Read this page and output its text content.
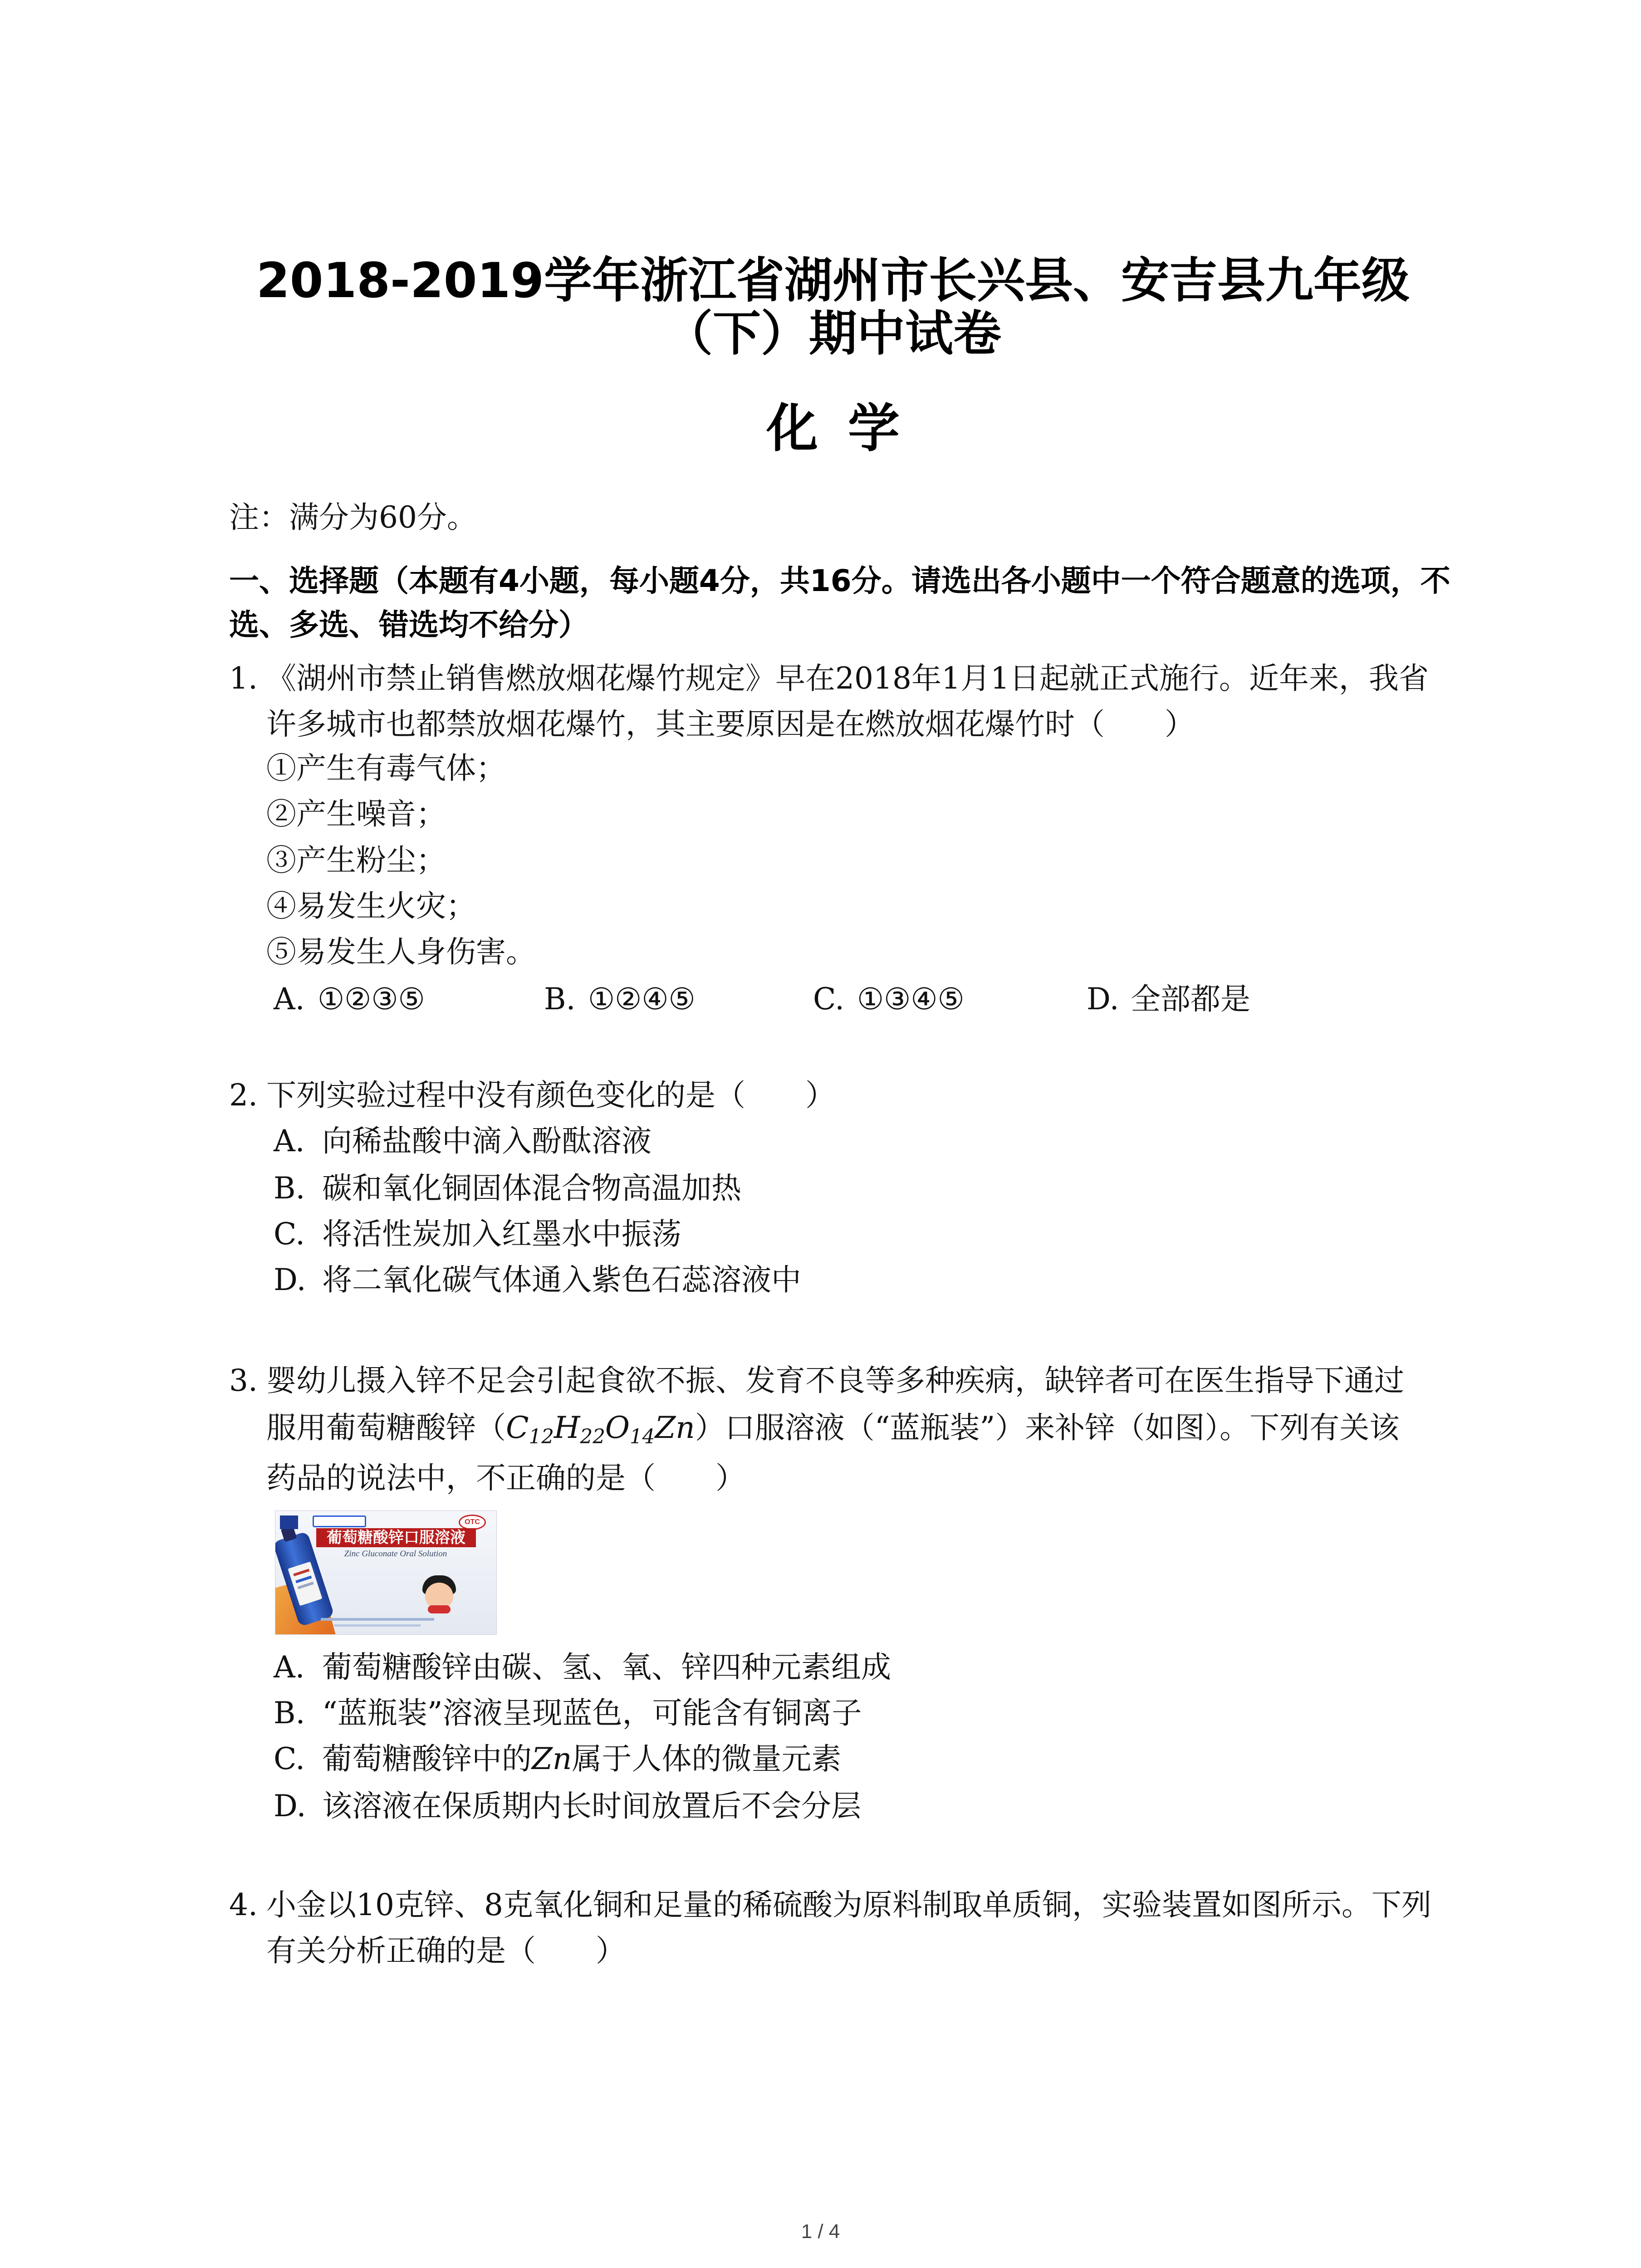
2018-2019学年浙江省湖州市长兴县、安吉县九年级
（下）期中试卷
化 学
注：满分为60分。
一、选择题（本题有4小题，每小题4分，共16分。请选出各小题中一个符合题意的选项，不
选、多选、错选均不给分）
1. 《湖州市禁止销售燃放烟花爆竹规定》早在2018年1月1日起就正式施行。近年来，我省
许多城市也都禁放烟花爆竹，其主要原因是在燃放烟花爆竹时（　　）
①产生有毒气体；
②产生噪音；
③产生粉尘；
④易发生火灾；
⑤易发生人身伤害。
A. ①②③⑤	B. ①②④⑤	C. ①③④⑤	D. 全部都是
2. 下列实验过程中没有颜色变化的是（　　）
A. 向稀盐酸中滴入酚酞溶液
B. 碳和氧化铜固体混合物高温加热
C. 将活性炭加入红墨水中振荡
D. 将二氧化碳气体通入紫色石蕊溶液中
3. 婴幼儿摄入锌不足会引起食欲不振、发育不良等多种疾病，缺锌者可在医生指导下通过
服用葡萄糖酸锌$(C_{12}H_{22}O_{14}Zn)$口服溶液（“蓝瓶装”）来补锌（如图）。下列有关该
药品的说法中，不正确的是（　　）
OTC
葡萄糖酸锌口服溶液
Zinc Gluconate Oral Solution
A. 葡萄糖酸锌由碳、氢、氧、锌四种元素组成
B. “蓝瓶装”溶液呈现蓝色，可能含有铜离子
C. 葡萄糖酸锌中的Zn属于人体的微量元素
D. 该溶液在保质期内长时间放置后不会分层
4. 小金以10克锌、8克氧化铜和足量的稀硫酸为原料制取单质铜，实验装置如图所示。下列
有关分析正确的是（　　）
1 / 4
